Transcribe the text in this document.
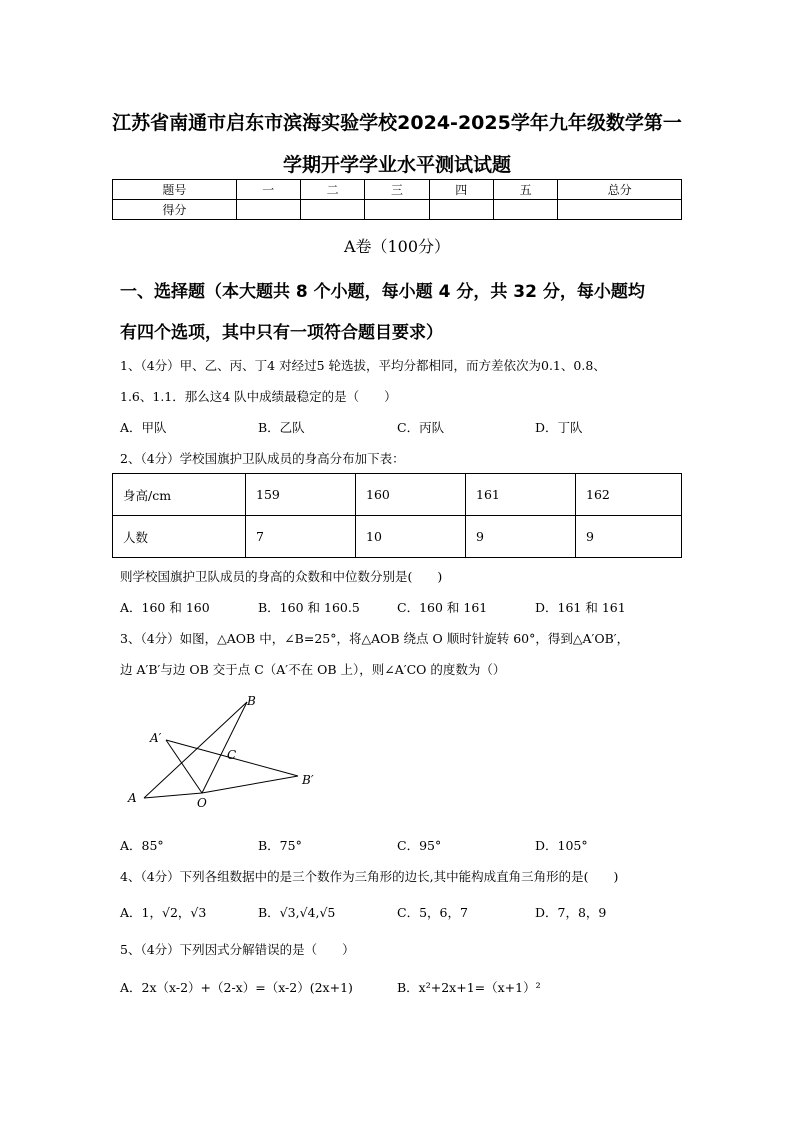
江苏省南通市启东市滨海实验学校2024-2025学年九年级数学第一
学期开学学业水平测试试题
题号	一	二	三	四	五	总分
得分						
A卷（100分）
一、选择题（本大题共 8 个小题，每小题 4 分，共 32 分，每小题均
有四个选项，其中只有一项符合题目要求）
1、（4分）甲、乙、丙、丁4 对经过5 轮选拔，平均分都相同，而方差依次为0.1、0.8、
1.6、1.1．那么这4 队中成绩最稳定的是（　　）
A．甲队	B．乙队	C．丙队	D．丁队
2、（4分）学校国旗护卫队成员的身高分布加下表：
身高/cm	159	160	161	162
人数	7	10	9	9
则学校国旗护卫队成员的身高的众数和中位数分别是(　　)
A．160 和 160	B．160 和 160.5	C．160 和 161	D．161 和 161
3、（4分）如图，△AOB 中，∠B=25°，将△AOB 绕点 O 顺时针旋转 60°，得到△A′OB′，
边 A′B′与边 OB 交于点 C（A′不在 OB 上），则∠A′CO 的度数为（）
B
A′
C
B′
A	O
A．85°	B．75°	C．95°	D．105°
4、（4分）下列各组数据中的是三个数作为三角形的边长,其中能构成直角三角形的是(　　)
A．1，√2，√3	B．√3,√4,√5	C．5，6，7	D．7，8，9
5、（4分）下列因式分解错误的是（　　）
A．2x（x-2）+（2-x）=（x-2）(2x+1)	B．x²+2x+1=（x+1）²
